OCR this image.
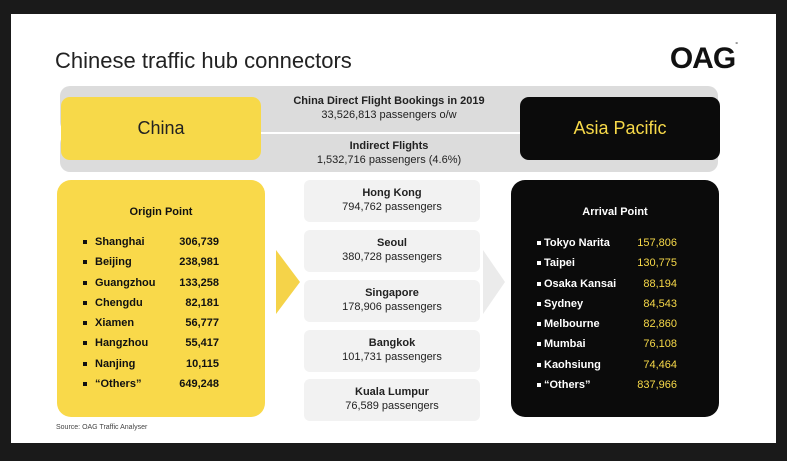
Chinese traffic hub connectors	OAG°
China Direct Flight Bookings in 2019
33,526,813 passengers o/w
Indirect Flights
1,532,716 passengers (4.6%)
China	Asia Pacific
Origin Point
Shanghai	306,739
Beijing	238,981
Guangzhou 133,258
Chengdu	82,181
Xiamen	56,777
Hangzhou	55,417
Nanjing	10,115
“Others”	649,248
Hong Kong
794,762 passengers
Seoul
380,728 passengers
Singapore
178,906 passengers
Bangkok
101,731 passengers
Kuala Lumpur
76,589 passengers
Arrival Point
Tokyo Narita	157,806
Taipei	130,775
Osaka Kansai	88,194
Sydney	84,543
Melbourne	82,860
Mumbai	76,108
Kaohsiung	74,464
“Others”	837,966
Source: OAG Traffic Analyser
